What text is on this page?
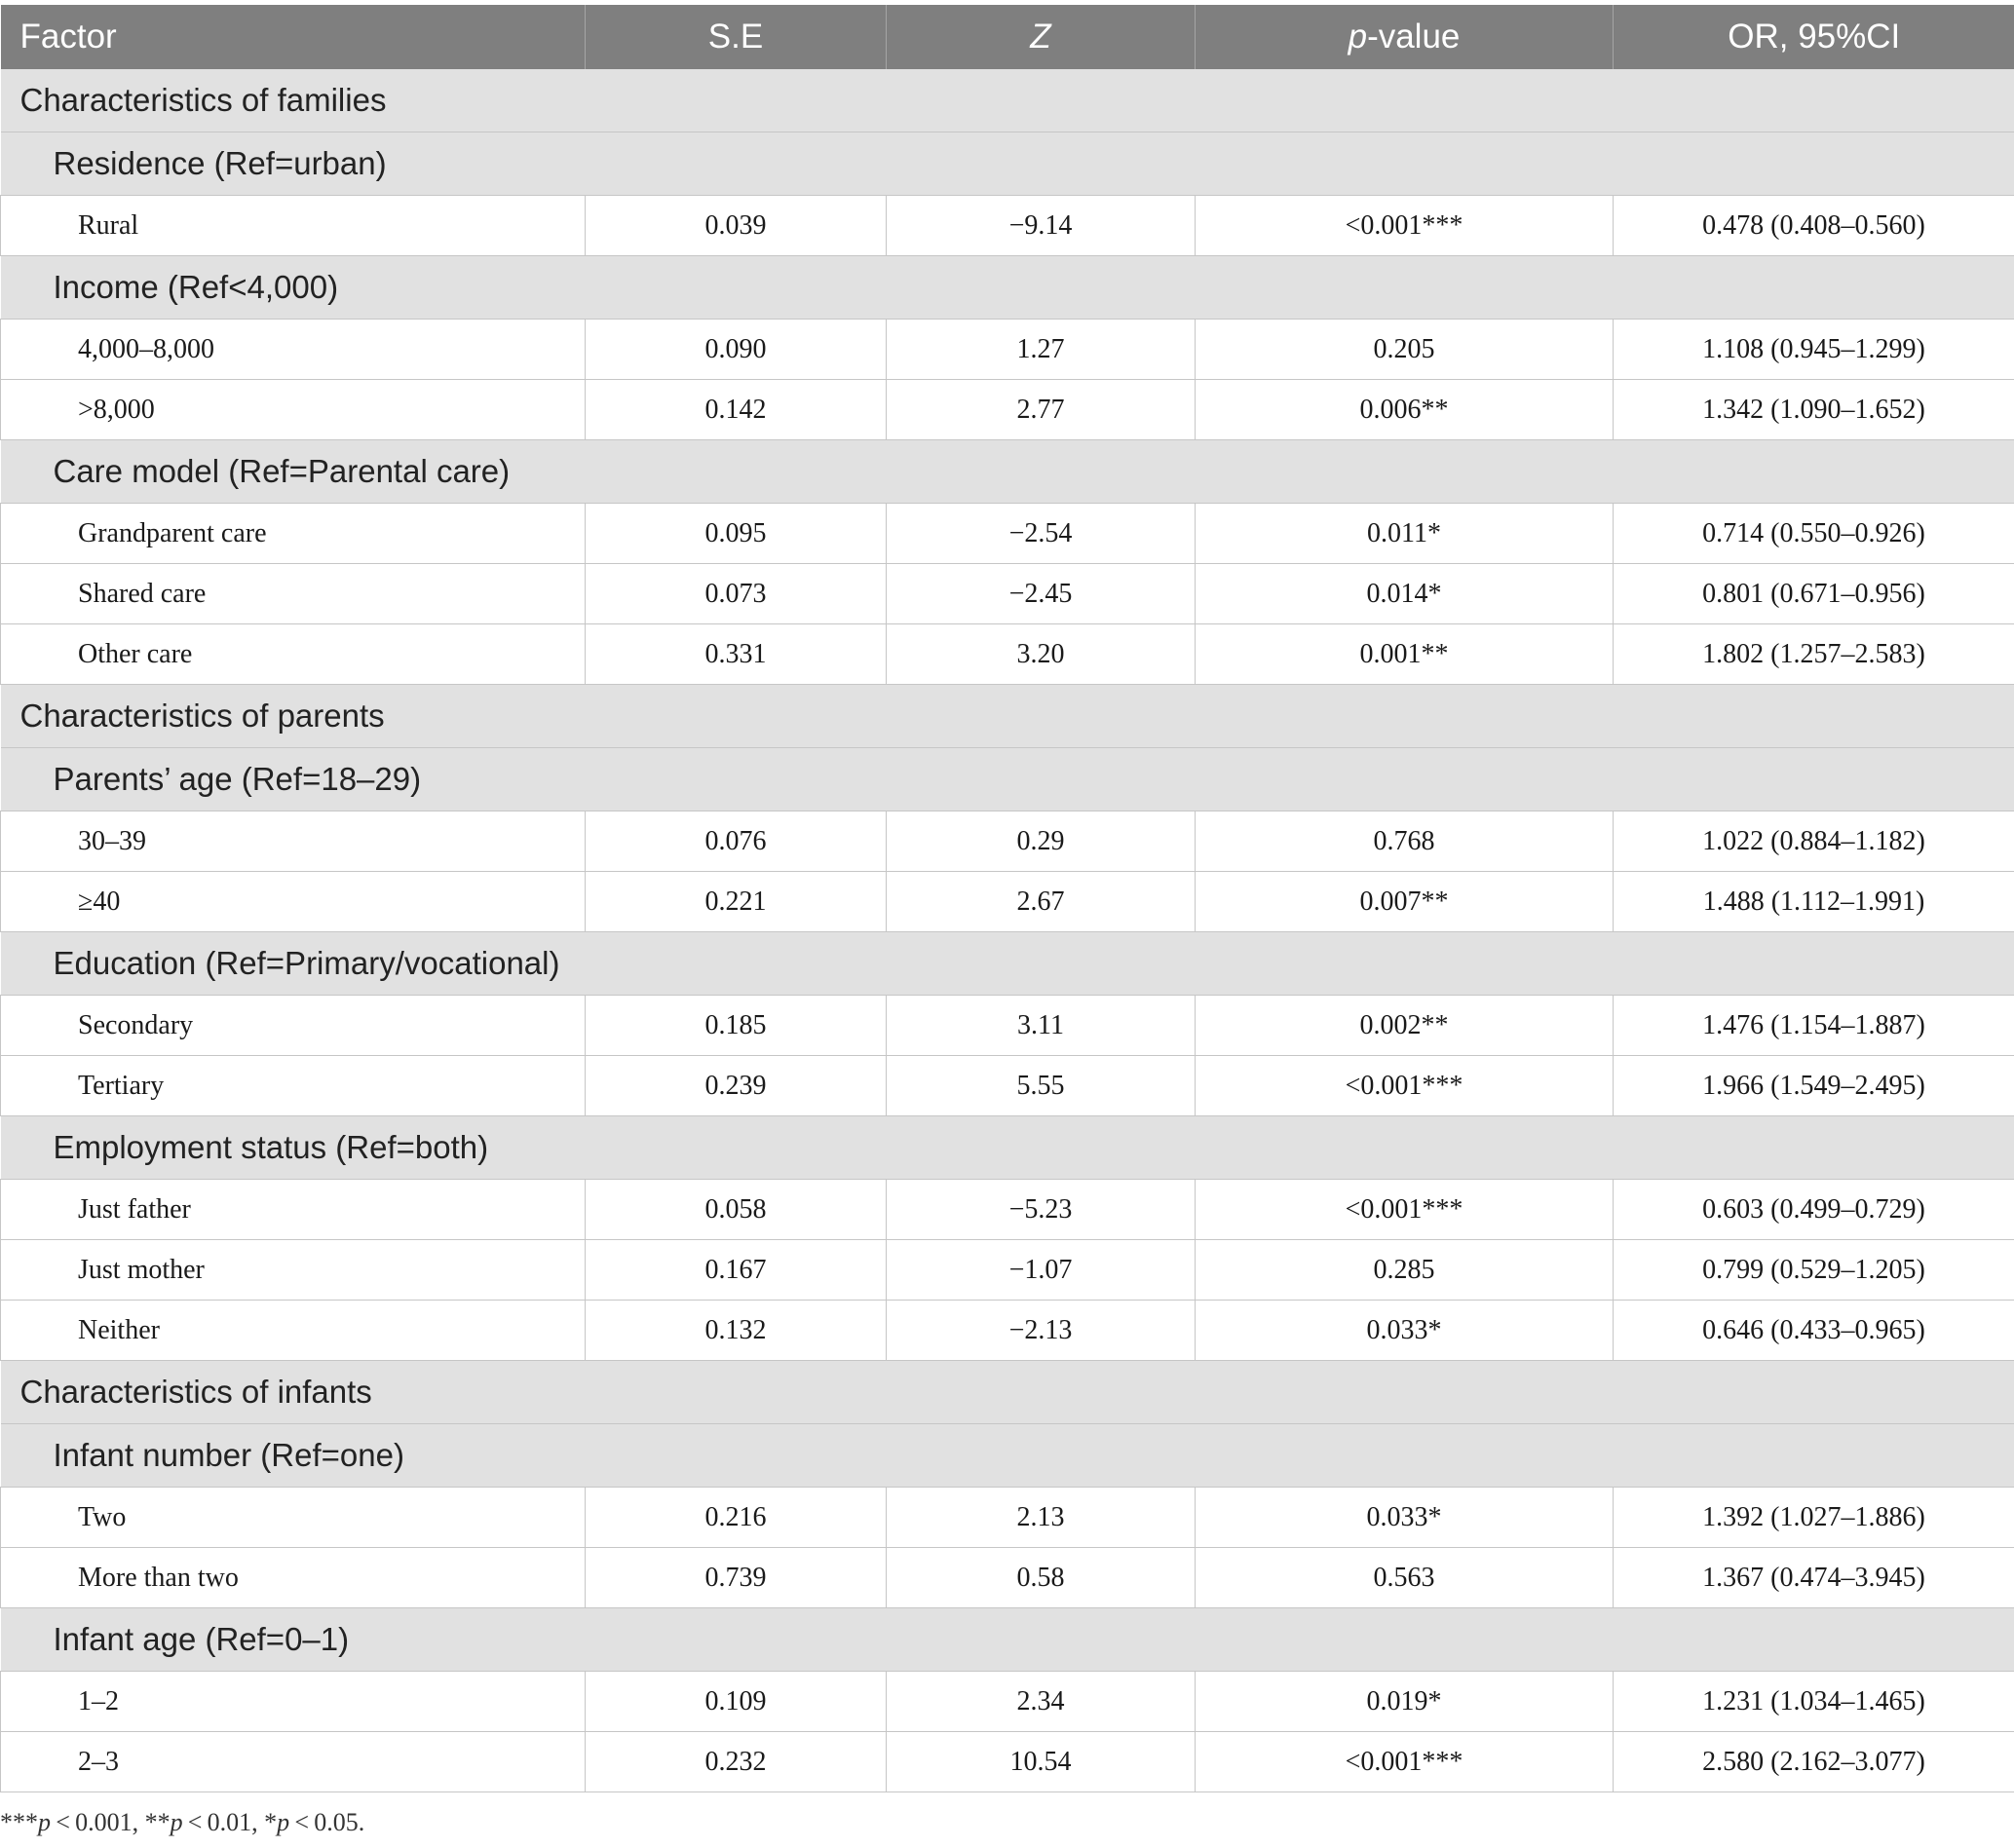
Factor	S.E	Z	p-value	OR, 95%CI
Characteristics of families				
Residence (Ref=urban)				
Rural	0.039	−9.14	<0.001***	0.478 (0.408–0.560)
Income (Ref<4,000)				
4,000–8,000	0.090	1.27	0.205	1.108 (0.945–1.299)
>8,000	0.142	2.77	0.006**	1.342 (1.090–1.652)
Care model (Ref=Parental care)				
Grandparent care	0.095	−2.54	0.011*	0.714 (0.550–0.926)
Shared care	0.073	−2.45	0.014*	0.801 (0.671–0.956)
Other care	0.331	3.20	0.001**	1.802 (1.257–2.583)
Characteristics of parents				
Parents’ age (Ref=18–29)				
30–39	0.076	0.29	0.768	1.022 (0.884–1.182)
≥40	0.221	2.67	0.007**	1.488 (1.112–1.991)
Education (Ref=Primary/vocational)				
Secondary	0.185	3.11	0.002**	1.476 (1.154–1.887)
Tertiary	0.239	5.55	<0.001***	1.966 (1.549–2.495)
Employment status (Ref=both)				
Just father	0.058	−5.23	<0.001***	0.603 (0.499–0.729)
Just mother	0.167	−1.07	0.285	0.799 (0.529–1.205)
Neither	0.132	−2.13	0.033*	0.646 (0.433–0.965)
Characteristics of infants				
Infant number (Ref=one)				
Two	0.216	2.13	0.033*	1.392 (1.027–1.886)
More than two	0.739	0.58	0.563	1.367 (0.474–3.945)
Infant age (Ref=0–1)				
1–2	0.109	2.34	0.019*	1.231 (1.034–1.465)
2–3	0.232	10.54	<0.001***	2.580 (2.162–3.077)
***p < 0.001, **p < 0.01, *p < 0.05.
